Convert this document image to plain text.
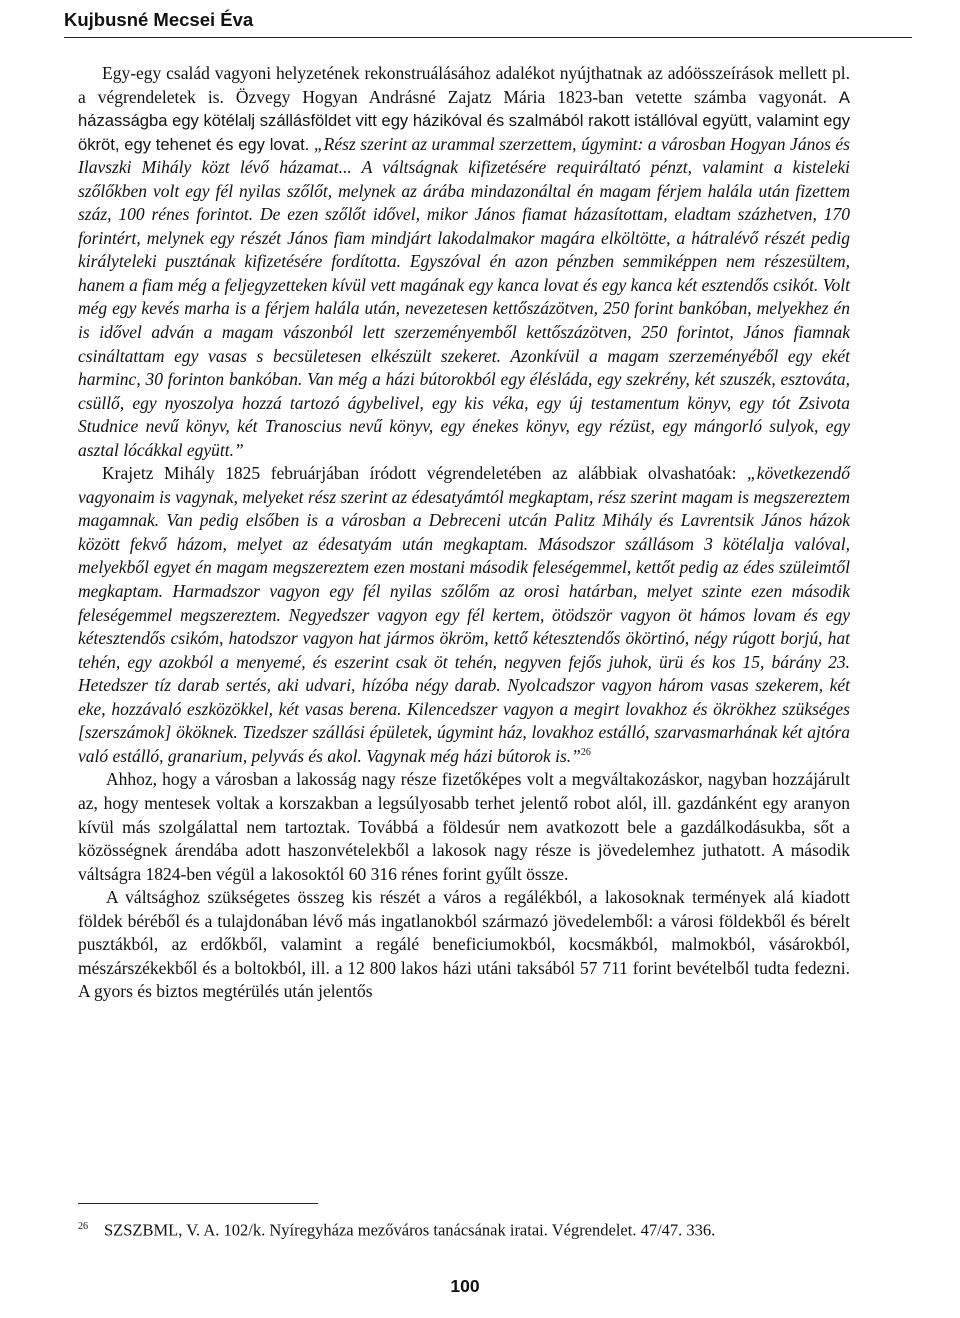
Kujbusné Mecsei Éva

Egy-egy család vagyoni helyzetének rekonstruálásához adalékot nyújthatnak az adóösszeírások mellett pl. a végrendeletek is. Özvegy Hogyan Andrásné Zajatz Mária 1823-ban vetette számba vagyonát. A házasságba egy kötélalj szállásföldet vitt egy házikóval és szalmából rakott istállóval együtt, valamint egy ökröt, egy tehenet és egy lovat. „Rész szerint az urammal szerzettem, úgymint: a városban Hogyan János és Ilavszki Mihály közt lévő házamat... A váltságnak kifizetésére requiráltató pénzt, valamint a kisteleki szőlőkben volt egy fél nyilas szőlőt, melynek az árába mindazonáltal én magam férjem halála után fizettem száz, 100 rénes forintot. De ezen szőlőt idővel, mikor János fiamat házasítottam, eladtam százhetven, 170 forintért, melynek egy részét János fiam mindjárt lakodalmakor magára elköltötte, a hátralévő részét pedig királyteleki pusztának kifizetésére fordította. Egyszóval én azon pénzben semmiképpen nem részesültem, hanem a fiam még a feljegyzetteken kívül vett magának egy kanca lovat és egy kanca két esztendős csikót. Volt még egy kevés marha is a férjem halála után, nevezetesen kettőszázötven, 250 forint bankóban, melyekhez én is idővel adván a magam vászonból lett szerzeményemből kettőszázötven, 250 forintot, János fiamnak csináltattam egy vasas s becsületesen elkészült szekeret. Azonkívül a magam szerzeményéből egy ekét harminc, 30 forinton bankóban. Van még a házi bútorokból egy élésláda, egy szekrény, két szuszék, esztováta, csüllő, egy nyoszolya hozzá tartozó ágybelivel, egy kis véka, egy új testamentum könyv, egy tót Zsivota Studnice nevű könyv, két Tranoscius nevű könyv, egy énekes könyv, egy rézüst, egy mángorló sulyok, egy asztal lócákkal együtt.”

Krajetz Mihály 1825 februárjában íródott végrendeletében az alábbiak olvashatóak: „következendő vagyonaim is vagynak, melyeket rész szerint az édesatyámtól megkaptam, rész szerint magam is megszereztem magamnak. Van pedig elsőben is a városban a Debreceni utcán Palitz Mihály és Lavrentsik János házok között fekvő házom, melyet az édesatyám után megkaptam. Másodszor szállásom 3 kötélalja valóval, melyekből egyet én magam megszereztem ezen mostani második feleségemmel, kettőt pedig az édes szüleimtől megkaptam. Harmadszor vagyon egy fél nyilas szőlőm az orosi határban, melyet szinte ezen második feleségemmel megszereztem. Negyedszer vagyon egy fél kertem, ötödször vagyon öt hámos lovam és egy kétesztendős csikóm, hatodszor vagyon hat jármos ökröm, kettő kétesztendős ökörtinó, négy rúgott borjú, hat tehén, egy azokból a menyemé, és eszerint csak öt tehén, negyven fejős juhok, ürü és kos 15, bárány 23. Hetedszer tíz darab sertés, aki udvari, hízóba négy darab. Nyolcadszor vagyon három vasas szekerem, két eke, hozzávaló eszközökkel, két vasas berena. Kilencedszer vagyon a megirt lovakhoz és ökrökhez szükséges [szerszámok] ököknek. Tizedszer szállási épületek, úgymint ház, lovakhoz estálló, szarvasmarhának két ajtóra való estálló, granarium, pelyvás és akol. Vagynak még házi bútorok is.”$^{26}$

Ahhoz, hogy a városban a lakosság nagy része fizetőképes volt a megváltakozáskor, nagyban hozzájárult az, hogy mentesek voltak a korszakban a legsúlyosabb terhet jelentő robot alól, ill. gazdánként egy aranyon kívül más szolgálattal nem tartoztak. Továbbá a földesúr nem avatkozott bele a gazdálkodásukba, sőt a közösségnek árendába adott haszonvételekből a lakosok nagy része is jövedelemhez juthatott. A második váltságra 1824-ben végül a lakosoktól 60 316 rénes forint gyűlt össze.

A váltsághoz szükségetes összeg kis részét a város a regálékból, a lakosoknak termények alá kiadott földek béréből és a tulajdonában lévő más ingatlanokból származó jövedelemből: a városi földekből és bérelt pusztákból, az erdőkből, valamint a regálé beneficiumokból, kocsmákból, malmokból, vásárokból, mészárszékekből és a boltokból, ill. a 12 800 lakos házi utáni taksából 57 711 forint bevételből tudta fedezni. A gyors és biztos megtérülés után jelentős

$^{26}$ SZSZBML, V. A. 102/k. Nyíregyháza mezőváros tanácsának iratai. Végrendelet. 47/47. 336.
100
